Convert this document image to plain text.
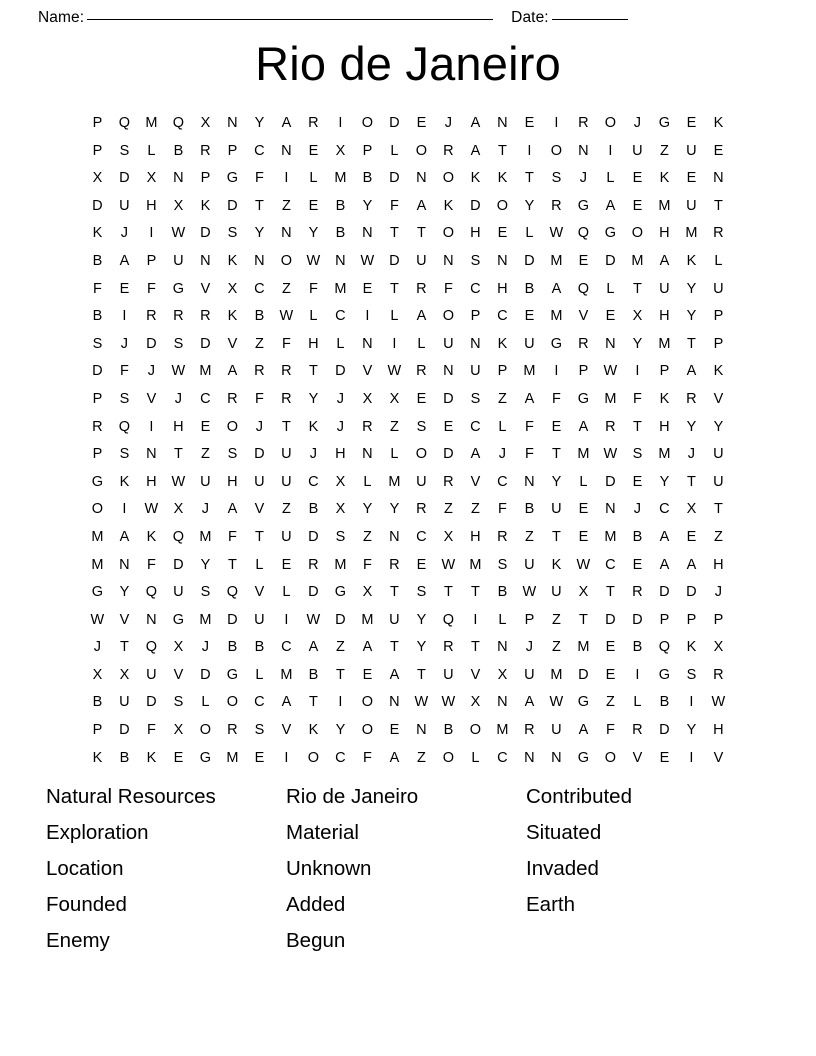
Name:	Date:
Rio de Janeiro
P	Q	M	Q	X	N	Y	A	R	I	O	D	E	J	A	N	E	I	R	O	J	G	E	K
P	S	L	B	R	P	C	N	E	X	P	L	O	R	A	T	I	O	N	I	U	Z	U	E
X	D	X	N	P	G	F	I	L	M	B	D	N	O	K	K	T	S	J	L	E	K	E	N
D	U	H	X	K	D	T	Z	E	B	Y	F	A	K	D	O	Y	R	G	A	E	M	U	T
K	J	I	W	D	S	Y	N	Y	B	N	T	T	O	H	E	L	W Q	G	O	H	M	R
B	A	P	U	N	K	N	O W	N	W	D	U	N	S	N	D	M	E	D	M	A	K	L
F	E	F	G	V	X	C	Z	F	M	E	T	R	F	C	H	B	A	Q	L	T	U	Y	U
B	I	R	R	R	K	B	W	L	C	I	L	A	O	P	C	E	M	V	E	X	H	Y	P
S	J	D	S	D	V	Z	F	H	L	N	I	L	U	N	K	U	G	R	N	Y	M	T	P
D	F	J	W M	A	R	R	T	D	V	W	R	N	U	P	M	I	P	W	I	P	A	K
P	S	V	J	C	R	F	R	Y	J	X	X	E	D	S	Z	A	F	G	M	F	K	R	V
R	Q	I	H	E	O	J	T	K	J	R	Z	S	E	C	L	F	E	A	R	T	H	Y	Y
P	S	N	T	Z	S	D	U	J	H	N	L	O	D	A	J	F	T	M W	S	M	J	U
G	K	H	W	U	H	U	U	C	X	L	M	U	R	V	C	N	Y	L	D	E	Y	T	U
O	I	W	X	J	A	V	Z	B	X	Y	Y	R	Z	Z	F	B	U	E	N	J	C	X	T
M	A	K	Q	M	F	T	U	D	S	Z	N	C	X	H	R	Z	T	E	M	B	A	E	Z
M	N	F	D	Y	T	L	E	R	M	F	R	E	W M	S	U	K	W	C	E	A	A	H
G	Y	Q	U	S	Q	V	L	D	G	X	T	S	T	T	B	W	U	X	T	R	D	D	J
W	V	N	G	M	D	U	I	W	D	M	U	Y	Q	I	L	P	Z	T	D	D	P	P	P
J	T	Q	X	J	B	B	C	A	Z	A	T	Y	R	T	N	J	Z	M	E	B	Q	K	X
X	X	U	V	D	G	L	M	B	T	E	A	T	U	V	X	U	M	D	E	I	G	S	R
B	U	D	S	L	O	C	A	T	I	O	N	W W	X	N	A	W G	Z	L	B	I	W
P	D	F	X	O	R	S	V	K	Y	O	E	N	B	O	M	R	U	A	F	R	D	Y	H
K	B	K	E	G	M	E	I	O	C	F	A	Z	O	L	C	N	N	G	O	V	E	I	V
Natural Resources	Rio de Janeiro	Contributed
Exploration	Material	Situated
Location	Unknown	Invaded
Founded	Added	Earth
Enemy	Begun
